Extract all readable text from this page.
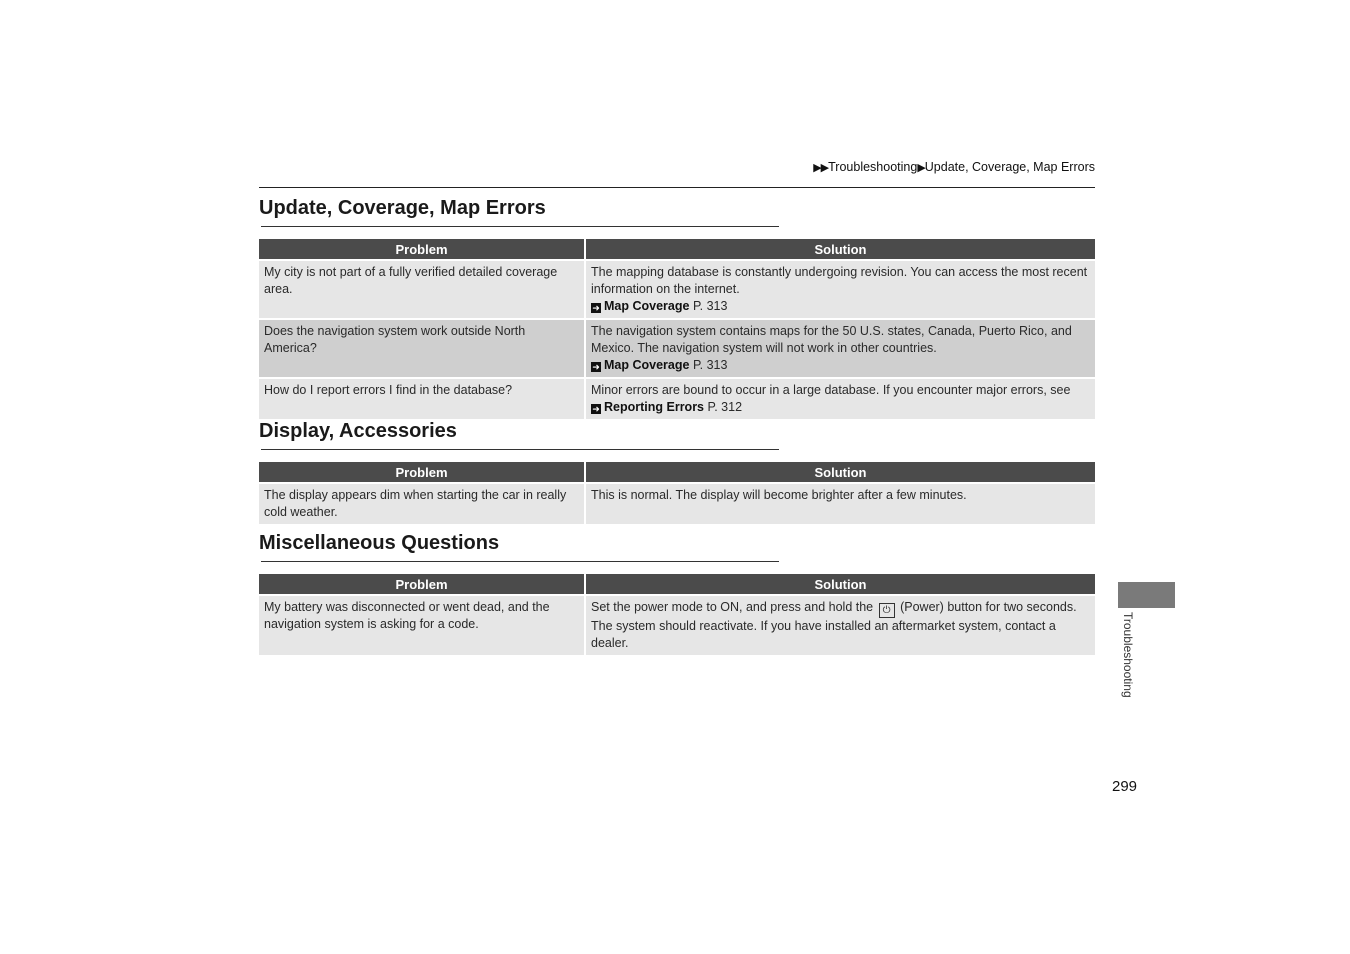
▶▶Troubleshooting▶Update, Coverage, Map Errors
Update, Coverage, Map Errors
Problem	Solution
My city is not part of a fully verified detailed coverage area.	The mapping database is constantly undergoing revision. You can access the most recent information on the internet.
➜ Map Coverage P. 313
Does the navigation system work outside North America?	The navigation system contains maps for the 50 U.S. states, Canada, Puerto Rico, and Mexico. The navigation system will not work in other countries.
➜ Map Coverage P. 313
How do I report errors I find in the database?	Minor errors are bound to occur in a large database. If you encounter major errors, see
➜ Reporting Errors P. 312
Display, Accessories
Problem	Solution
The display appears dim when starting the car in really cold weather.	This is normal. The display will become brighter after a few minutes.
Miscellaneous Questions
Problem	Solution
My battery was disconnected or went dead, and the navigation system is asking for a code.	Set the power mode to ON, and press and hold the ⏻ (Power) button for two seconds. The system should reactivate. If you have installed an aftermarket system, contact a dealer.	Troubleshooting
299
